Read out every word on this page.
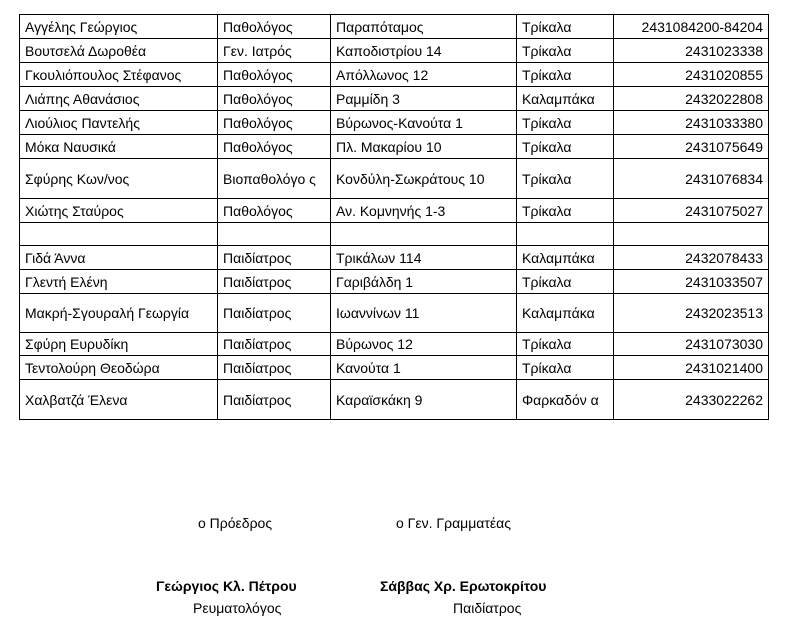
Αγγέλης Γεώργιος	Παθολόγος	Παραπόταμος	Τρίκαλα	2431084200-84204
Βουτσελά Δωροθέα	Γεν. Ιατρός	Καποδιστρίου 14	Τρίκαλα	2431023338
Γκουλιόπουλος Στέφανος	Παθολόγος	Απόλλωνος 12	Τρίκαλα	2431020855
Λιάπης Αθανάσιος	Παθολόγος	Ραμμίδη 3	Καλαμπάκα	2432022808
Λιούλιος Παντελής	Παθολόγος	Βύρωνος-Κανούτα 1	Τρίκαλα	2431033380
Μόκα Ναυσικά	Παθολόγος	Πλ. Μακαρίου 10	Τρίκαλα	2431075649
Σφύρης Κων/νος	Βιοπαθολόγο ς	Κονδύλη-Σωκράτους 10	Τρίκαλα	2431076834
Χιώτης Σταύρος	Παθολόγος	Αν. Κομνηνής 1-3	Τρίκαλα	2431075027

Γιδά Άννα	Παιδίατρος	Τρικάλων 114	Καλαμπάκα	2432078433
Γλεντή Ελένη	Παιδίατρος	Γαριβάλδη 1	Τρίκαλα	2431033507
Μακρή-Σγουραλή Γεωργία	Παιδίατρος	Ιωαννίνων 11	Καλαμπάκα	2432023513
Σφύρη Ευρυδίκη	Παιδίατρος	Βύρωνος 12	Τρίκαλα	2431073030
Τεντολούρη Θεοδώρα	Παιδίατρος	Κανούτα 1	Τρίκαλα	2431021400
Χαλβατζά Έλενα	Παιδίατρος	Καραϊσκάκη 9	Φαρκαδόν α	2433022262
ο Πρόεδρος	ο Γεν. Γραμματέας
Γεώργιος Κλ. Πέτρου	Σάββας Χρ. Ερωτοκρίτου
Ρευματολόγος	Παιδίατρος
